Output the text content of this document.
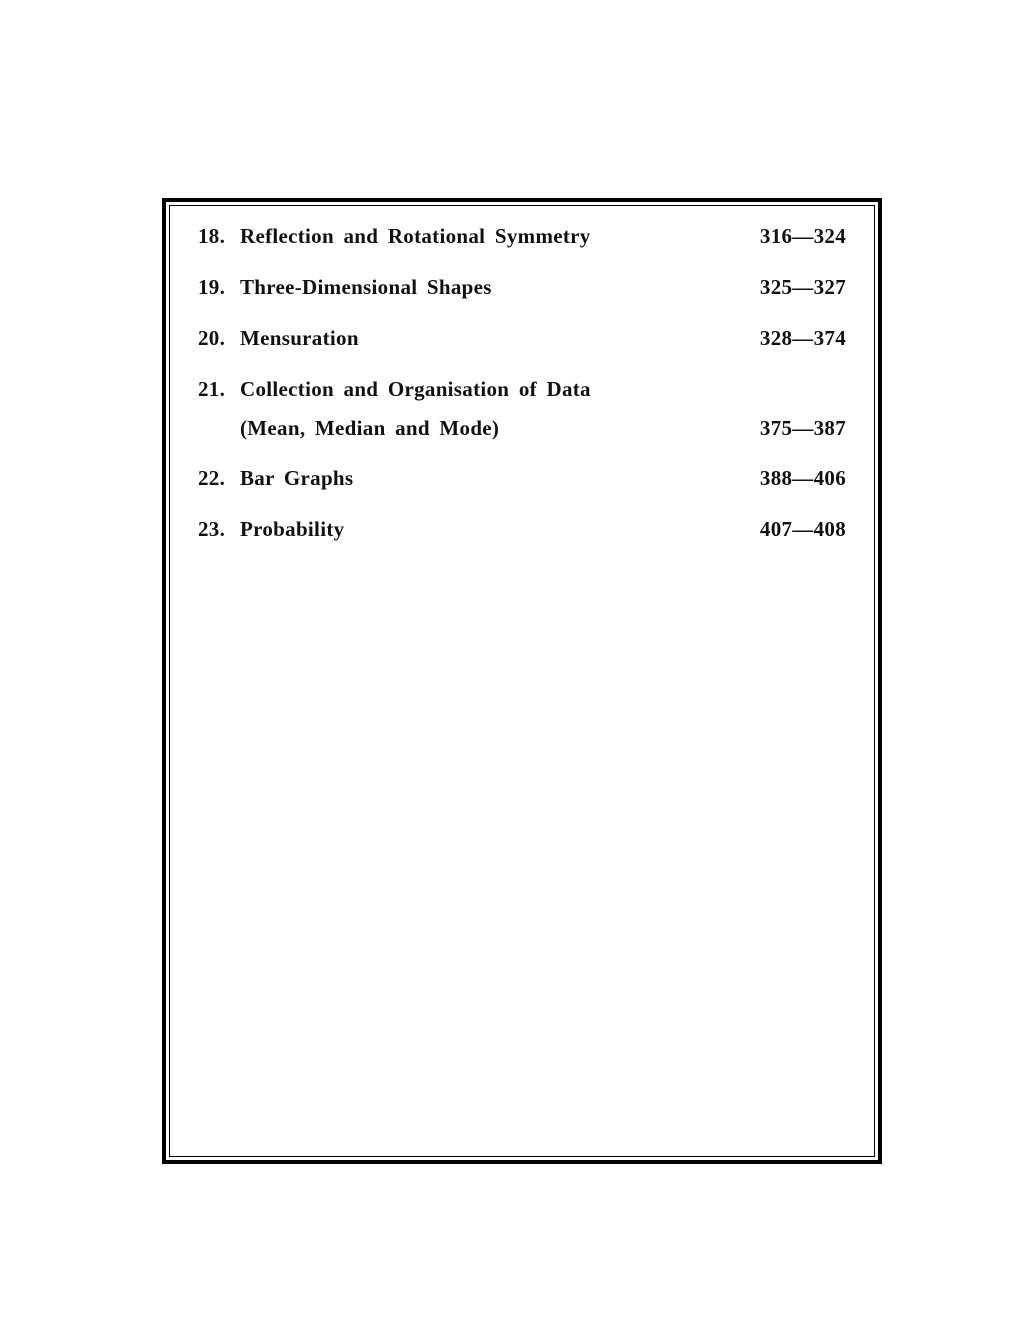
18. Reflection and Rotational Symmetry	316—324
19. Three-Dimensional Shapes	325—327
20. Mensuration	328—374
21. Collection and Organisation of Data
(Mean, Median and Mode)	375—387
22. Bar Graphs	388—406
23. Probability	407—408
